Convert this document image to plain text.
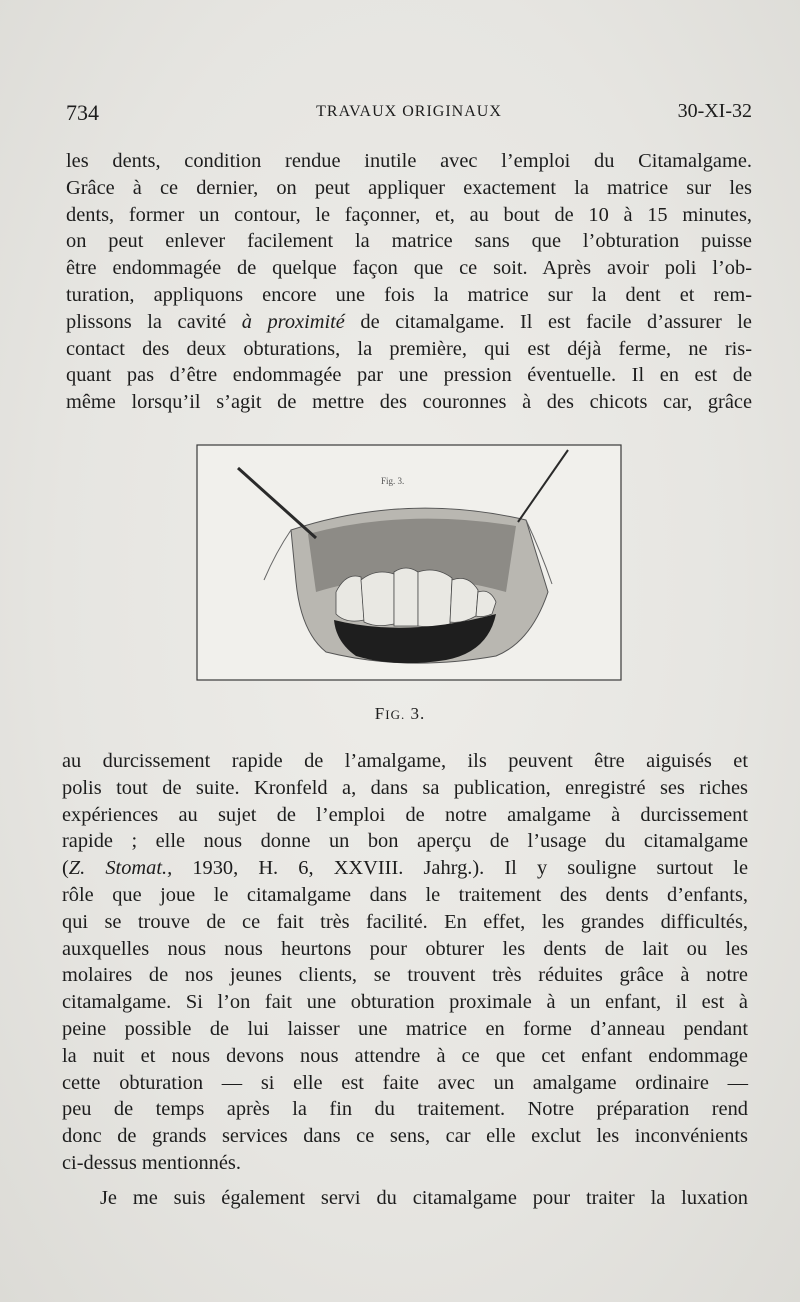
734	TRAVAUX ORIGINAUX	30-XI-32
les dents, condition rendue inutile avec l’emploi du Citamalgame.
Grâce à ce dernier, on peut appliquer exactement la matrice sur les
dents, former un contour, le façonner, et, au bout de 10 à 15 minutes,
on peut enlever facilement la matrice sans que l’obturation puisse
être endommagée de quelque façon que ce soit. Après avoir poli l’ob-
turation, appliquons encore une fois la matrice sur la dent et rem-
plissons la cavité à proximité de citamalgame. Il est facile d’assurer le
contact des deux obturations, la première, qui est déjà ferme, ne ris-
quant pas d’être endommagée par une pression éventuelle. Il en est de
même lorsqu’il s’agit de mettre des couronnes à des chicots car, grâce
Fig. 3.
FIG. 3.
au durcissement rapide de l’amalgame, ils peuvent être aiguisés et
polis tout de suite. Kronfeld a, dans sa publication, enregistré ses riches
expériences au sujet de l’emploi de notre amalgame à durcissement
rapide ; elle nous donne un bon aperçu de l’usage du citamalgame
(Z. Stomat., 1930, H. 6, XXVIII. Jahrg.). Il y souligne surtout le
rôle que joue le citamalgame dans le traitement des dents d’enfants,
qui se trouve de ce fait très facilité. En effet, les grandes difficultés,
auxquelles nous nous heurtons pour obturer les dents de lait ou les
molaires de nos jeunes clients, se trouvent très réduites grâce à notre
citamalgame. Si l’on fait une obturation proximale à un enfant, il est à
peine possible de lui laisser une matrice en forme d’anneau pendant
la nuit et nous devons nous attendre à ce que cet enfant endommage
cette obturation — si elle est faite avec un amalgame ordinaire —
peu de temps après la fin du traitement. Notre préparation rend
donc de grands services dans ce sens, car elle exclut les inconvénients
ci-dessus mentionnés.
Je me suis également servi du citamalgame pour traiter la luxation
